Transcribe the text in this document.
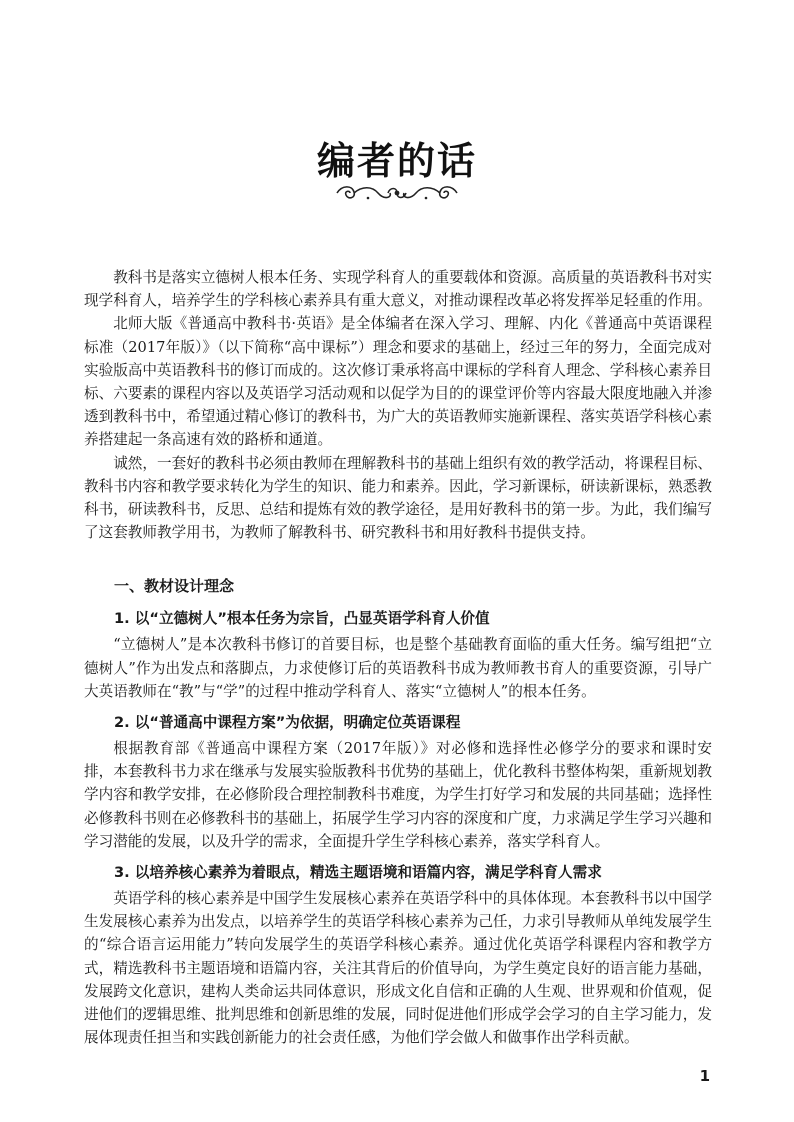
编者的话

教科书是落实立德树人根本任务、实现学科育人的重要载体和资源。高质量的英语教科书对实现学科育人，培养学生的学科核心素养具有重大意义，对推动课程改革必将发挥举足轻重的作用。

北师大版《普通高中教科书·英语》是全体编者在深入学习、理解、内化《普通高中英语课程标准（2017年版）》（以下简称“高中课标”）理念和要求的基础上，经过三年的努力，全面完成对实验版高中英语教科书的修订而成的。这次修订秉承将高中课标的学科育人理念、学科核心素养目标、六要素的课程内容以及英语学习活动观和以促学为目的的课堂评价等内容最大限度地融入并渗透到教科书中，希望通过精心修订的教科书，为广大的英语教师实施新课程、落实英语学科核心素养搭建起一条高速有效的路桥和通道。

诚然，一套好的教科书必须由教师在理解教科书的基础上组织有效的教学活动，将课程目标、教科书内容和教学要求转化为学生的知识、能力和素养。因此，学习新课标，研读新课标，熟悉教科书，研读教科书，反思、总结和提炼有效的教学途径，是用好教科书的第一步。为此，我们编写了这套教师教学用书，为教师了解教科书、研究教科书和用好教科书提供支持。

一、教材设计理念
1. 以“立德树人”根本任务为宗旨，凸显英语学科育人价值

“立德树人”是本次教科书修订的首要目标，也是整个基础教育面临的重大任务。编写组把“立德树人”作为出发点和落脚点，力求使修订后的英语教科书成为教师教书育人的重要资源，引导广大英语教师在“教”与“学”的过程中推动学科育人、落实“立德树人”的根本任务。

2. 以“普通高中课程方案”为依据，明确定位英语课程

根据教育部《普通高中课程方案（2017年版）》对必修和选择性必修学分的要求和课时安排，本套教科书力求在继承与发展实验版教科书优势的基础上，优化教科书整体构架，重新规划教学内容和教学安排，在必修阶段合理控制教科书难度，为学生打好学习和发展的共同基础；选择性必修教科书则在必修教科书的基础上，拓展学生学习内容的深度和广度，力求满足学生学习兴趣和学习潜能的发展，以及升学的需求，全面提升学生学科核心素养，落实学科育人。

3. 以培养核心素养为着眼点，精选主题语境和语篇内容，满足学科育人需求

英语学科的核心素养是中国学生发展核心素养在英语学科中的具体体现。本套教科书以中国学生发展核心素养为出发点，以培养学生的英语学科核心素养为己任，力求引导教师从单纯发展学生的“综合语言运用能力”转向发展学生的英语学科核心素养。通过优化英语学科课程内容和教学方式，精选教科书主题语境和语篇内容，关注其背后的价值导向，为学生奠定良好的语言能力基础，发展跨文化意识，建构人类命运共同体意识，形成文化自信和正确的人生观、世界观和价值观，促进他们的逻辑思维、批判思维和创新思维的发展，同时促进他们形成学会学习的自主学习能力，发展体现责任担当和实践创新能力的社会责任感，为他们学会做人和做事作出学科贡献。

1
